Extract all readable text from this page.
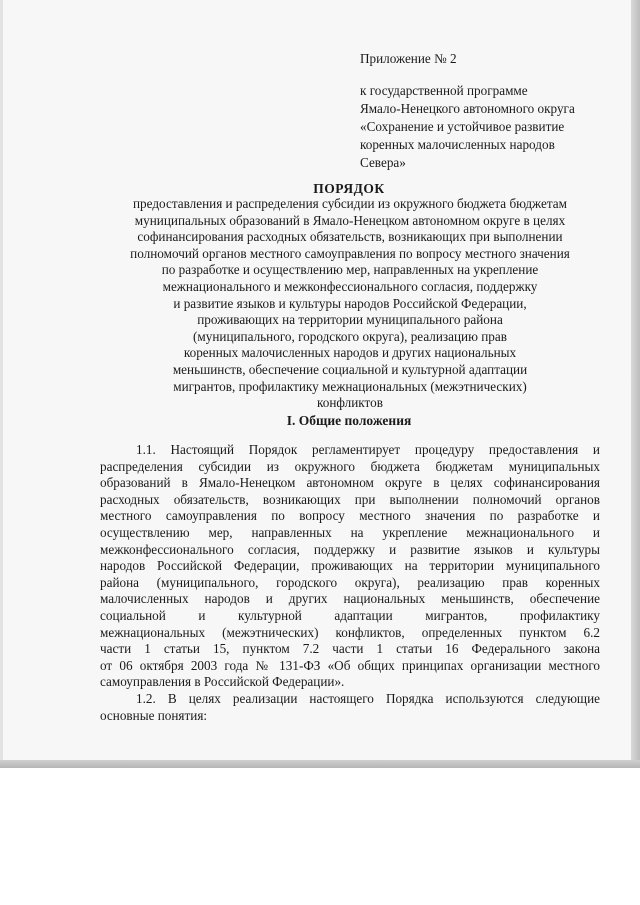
Приложение № 2
к государственной программе
Ямало-Ненецкого автономного округа
«Сохранение и устойчивое развитие
коренных малочисленных народов
Севера»
ПОРЯДОК
предоставления и распределения субсидии из окружного бюджета бюджетам
муниципальных образований в Ямало-Ненецком автономном округе в целях
софинансирования расходных обязательств, возникающих при выполнении
полномочий органов местного самоуправления по вопросу местного значения
по разработке и осуществлению мер, направленных на укрепление
межнационального и межконфессионального согласия, поддержку
и развитие языков и культуры народов Российской Федерации,
проживающих на территории муниципального района
(муниципального, городского округа), реализацию прав
коренных малочисленных народов и других национальных
меньшинств, обеспечение социальной и культурной адаптации
мигрантов, профилактику межнациональных (межэтнических)
конфликтов
I. Общие положения
1.1. Настоящий Порядок регламентирует процедуру предоставления и
распределения субсидии из окружного бюджета бюджетам муниципальных
образований в Ямало-Ненецком автономном округе в целях софинансирования
расходных обязательств, возникающих при выполнении полномочий органов
местного самоуправления по вопросу местного значения по разработке и
осуществлению мер, направленных на укрепление межнационального и
межконфессионального согласия, поддержку и развитие языков и культуры
народов Российской Федерации, проживающих на территории муниципального
района (муниципального, городского округа), реализацию прав коренных
малочисленных народов и других национальных меньшинств, обеспечение
социальной и культурной адаптации мигрантов, профилактику
межнациональных (межэтнических) конфликтов, определенных пунктом 6.2
части 1 статьи 15, пунктом 7.2 части 1 статьи 16 Федерального закона
от 06 октября 2003 года № 131-ФЗ «Об общих принципах организации местного
самоуправления в Российской Федерации».
1.2. В целях реализации настоящего Порядка используются следующие
основные понятия:
